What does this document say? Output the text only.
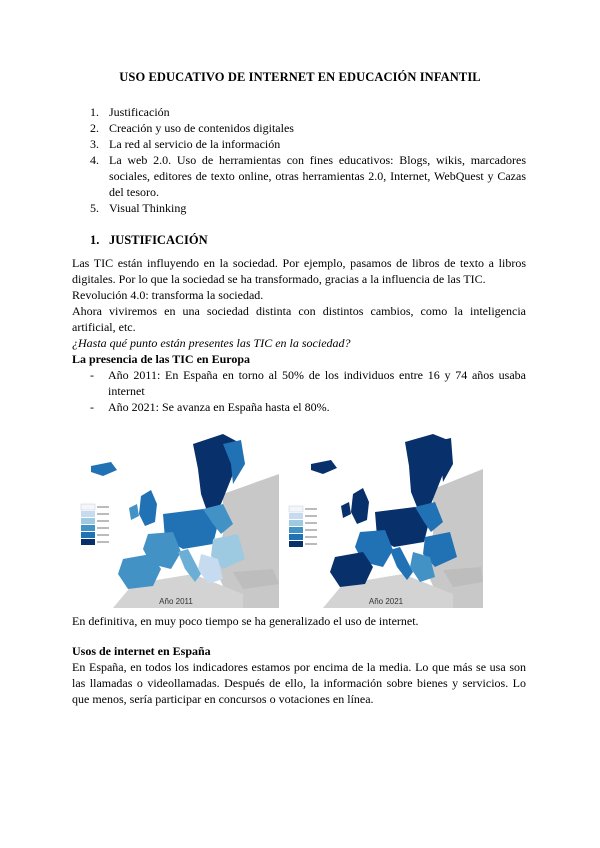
USO EDUCATIVO DE INTERNET EN EDUCACIÓN INFANTIL
1. Justificación
2. Creación y uso de contenidos digitales
3. La red al servicio de la información
4. La web 2.0. Uso de herramientas con fines educativos: Blogs, wikis, marcadores sociales, editores de texto online, otras herramientas 2.0, Internet, WebQuest y Cazas del tesoro.
5. Visual Thinking
1. JUSTIFICACIÓN
Las TIC están influyendo en la sociedad. Por ejemplo, pasamos de libros de texto a libros digitales. Por lo que la sociedad se ha transformado, gracias a la influencia de las TIC.
Revolución 4.0: transforma la sociedad.
Ahora viviremos en una sociedad distinta con distintos cambios, como la inteligencia artificial, etc.
¿Hasta qué punto están presentes las TIC en la sociedad?
La presencia de las TIC en Europa
-	Año 2011: En España en torno al 50% de los individuos entre 16 y 74 años usaba internet
-	Año 2021: Se avanza en España hasta el 80%.
Año 2011	Año 2021
En definitiva, en muy poco tiempo se ha generalizado el uso de internet.
Usos de internet en España
En España, en todos los indicadores estamos por encima de la media. Lo que más se usa son las llamadas o videollamadas. Después de ello, la información sobre bienes y servicios. Lo que menos, sería participar en concursos o votaciones en línea.
